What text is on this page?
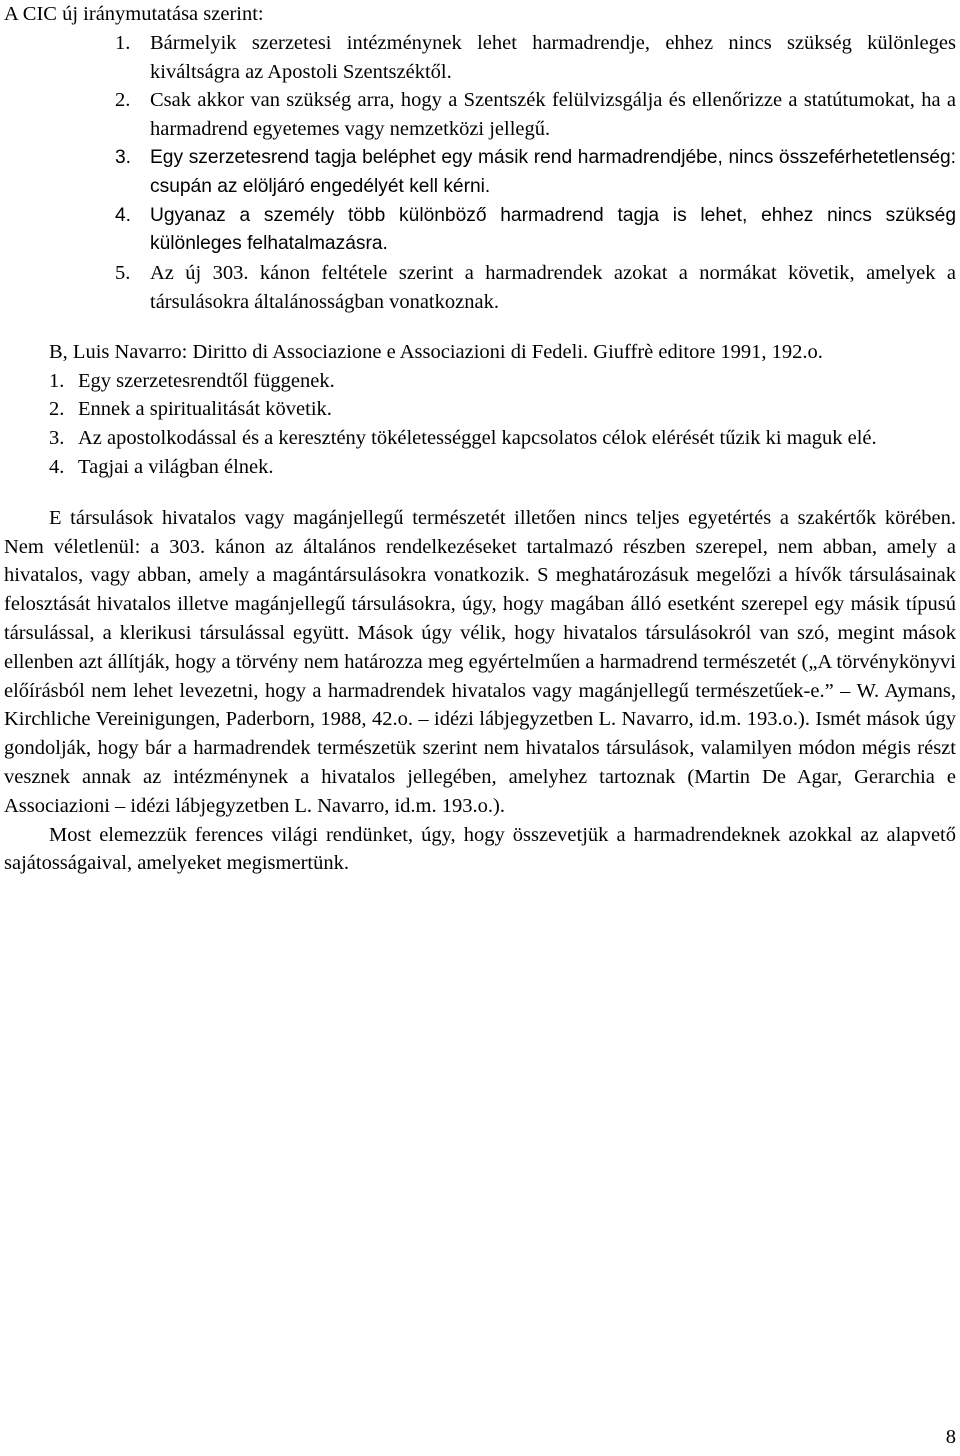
A CIC új iránymutatása szerint:

1. Bármelyik szerzetesi intézménynek lehet harmadrendje, ehhez nincs szükség különleges kiváltságra az Apostoli Szentszéktől.
2. Csak akkor van szükség arra, hogy a Szentszék felülvizsgálja és ellenőrizze a statútumokat, ha a harmadrend egyetemes vagy nemzetközi jellegű.
3. Egy szerzetesrend tagja beléphet egy másik rend harmadrendjébe, nincs összeférhetetlenség: csupán az elöljáró engedélyét kell kérni.
4. Ugyanaz a személy több különböző harmadrend tagja is lehet, ehhez nincs szükség különleges felhatalmazásra.
5. Az új 303. kánon feltétele szerint a harmadrendek azokat a normákat követik, amelyek a társulásokra általánosságban vonatkoznak.

B, Luis Navarro: Diritto di Associazione e Associazioni di Fedeli. Giuffrè editore 1991, 192.o.

1. Egy szerzetesrendtől függenek.
2. Ennek a spiritualitását követik.
3. Az apostolkodással és a keresztény tökéletességgel kapcsolatos célok elérését tűzik ki maguk elé.
4. Tagjai a világban élnek.

E társulások hivatalos vagy magánjellegű természetét illetően nincs teljes egyetértés a szakértők körében. Nem véletlenül: a 303. kánon az általános rendelkezéseket tartalmazó részben szerepel, nem abban, amely a hivatalos, vagy abban, amely a magántársulásokra vonatkozik. S meghatározásuk megelőzi a hívők társulásainak felosztását hivatalos illetve magánjellegű társulásokra, úgy, hogy magában álló esetként szerepel egy másik típusú társulással, a klerikusi társulással együtt. Mások úgy vélik, hogy hivatalos társulásokról van szó, megint mások ellenben azt állítják, hogy a törvény nem határozza meg egyértelműen a harmadrend természetét („A törvénykönyvi előírásból nem lehet levezetni, hogy a harmadrendek hivatalos vagy magánjellegű természetűek-e.” – W. Aymans, Kirchliche Vereinigungen, Paderborn, 1988, 42.o. – idézi lábjegyzetben L. Navarro, id.m. 193.o.). Ismét mások úgy gondolják, hogy bár a harmadrendek természetük szerint nem hivatalos társulások, valamilyen módon mégis részt vesznek annak az intézménynek a hivatalos jellegében, amelyhez tartoznak (Martin De Agar, Gerarchia e Associazioni – idézi lábjegyzetben L. Navarro, id.m. 193.o.).

Most elemezzük ferences világi rendünket, úgy, hogy összevetjük a harmadrendeknek azokkal az alapvető sajátosságaival, amelyeket megismertünk.

8
